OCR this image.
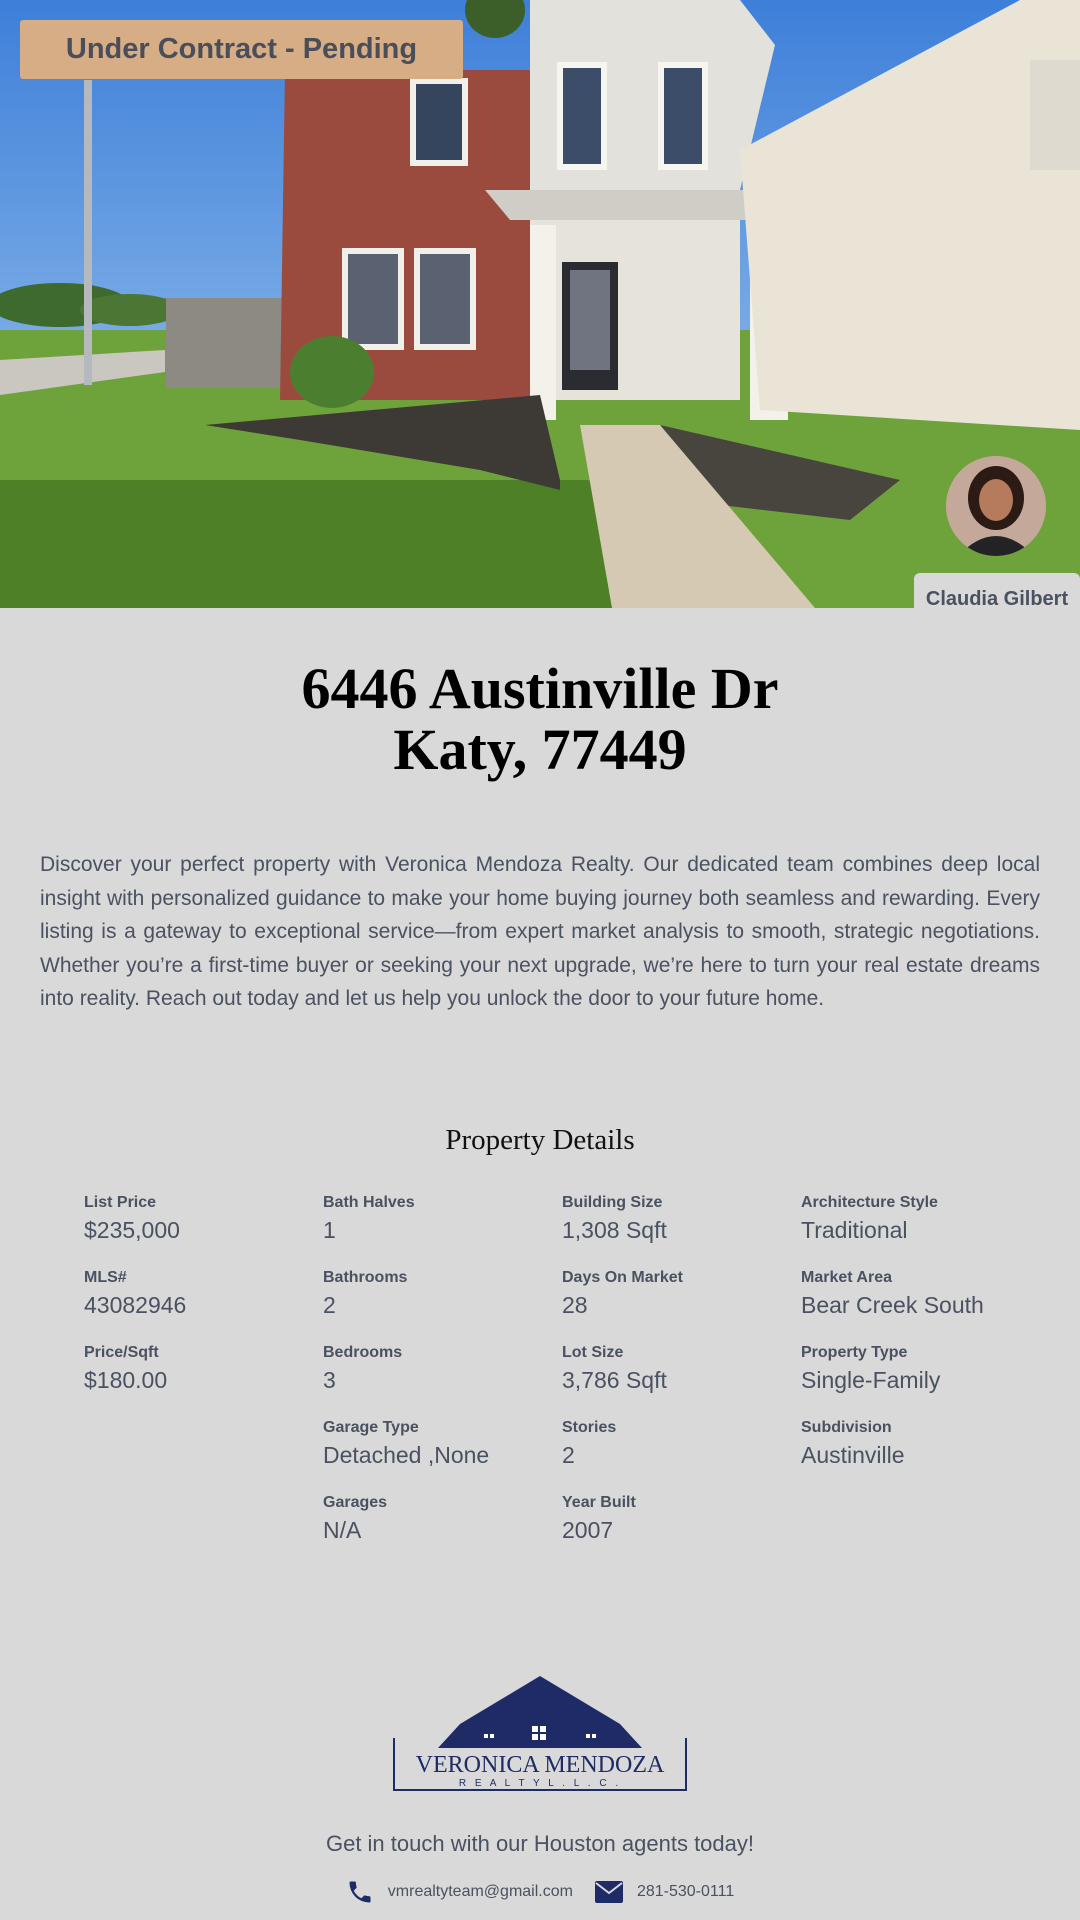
Under Contract - Pending
Claudia Gilbert
6446 Austinville Dr
Katy, 77449
Discover your perfect property with Veronica Mendoza Realty. Our dedicated team combines deep local insight with personalized guidance to make your home buying journey both seamless and rewarding. Every listing is a gateway to exceptional service—from expert market analysis to smooth, strategic negotiations. Whether you’re a first-time buyer or seeking your next upgrade, we’re here to turn your real estate dreams into reality. Reach out today and let us help you unlock the door to your future home.
Property Details
List Price
$235,000
MLS#
43082946
Price/Sqft
$180.00
Bath Halves
1
Bathrooms
2
Bedrooms
3
Garage Type
Detached ,None
Garages
N/A
Building Size
1,308 Sqft
Days On Market
28
Lot Size
3,786 Sqft
Stories
2
Year Built
2007
Architecture Style
Traditional
Market Area
Bear Creek South
Property Type
Single-Family
Subdivision
Austinville
VERONICA MENDOZA
R E A L T Y L . L . C .
Get in touch with our Houston agents today!
vmrealtyteam@gmail.com	281-530-0111
